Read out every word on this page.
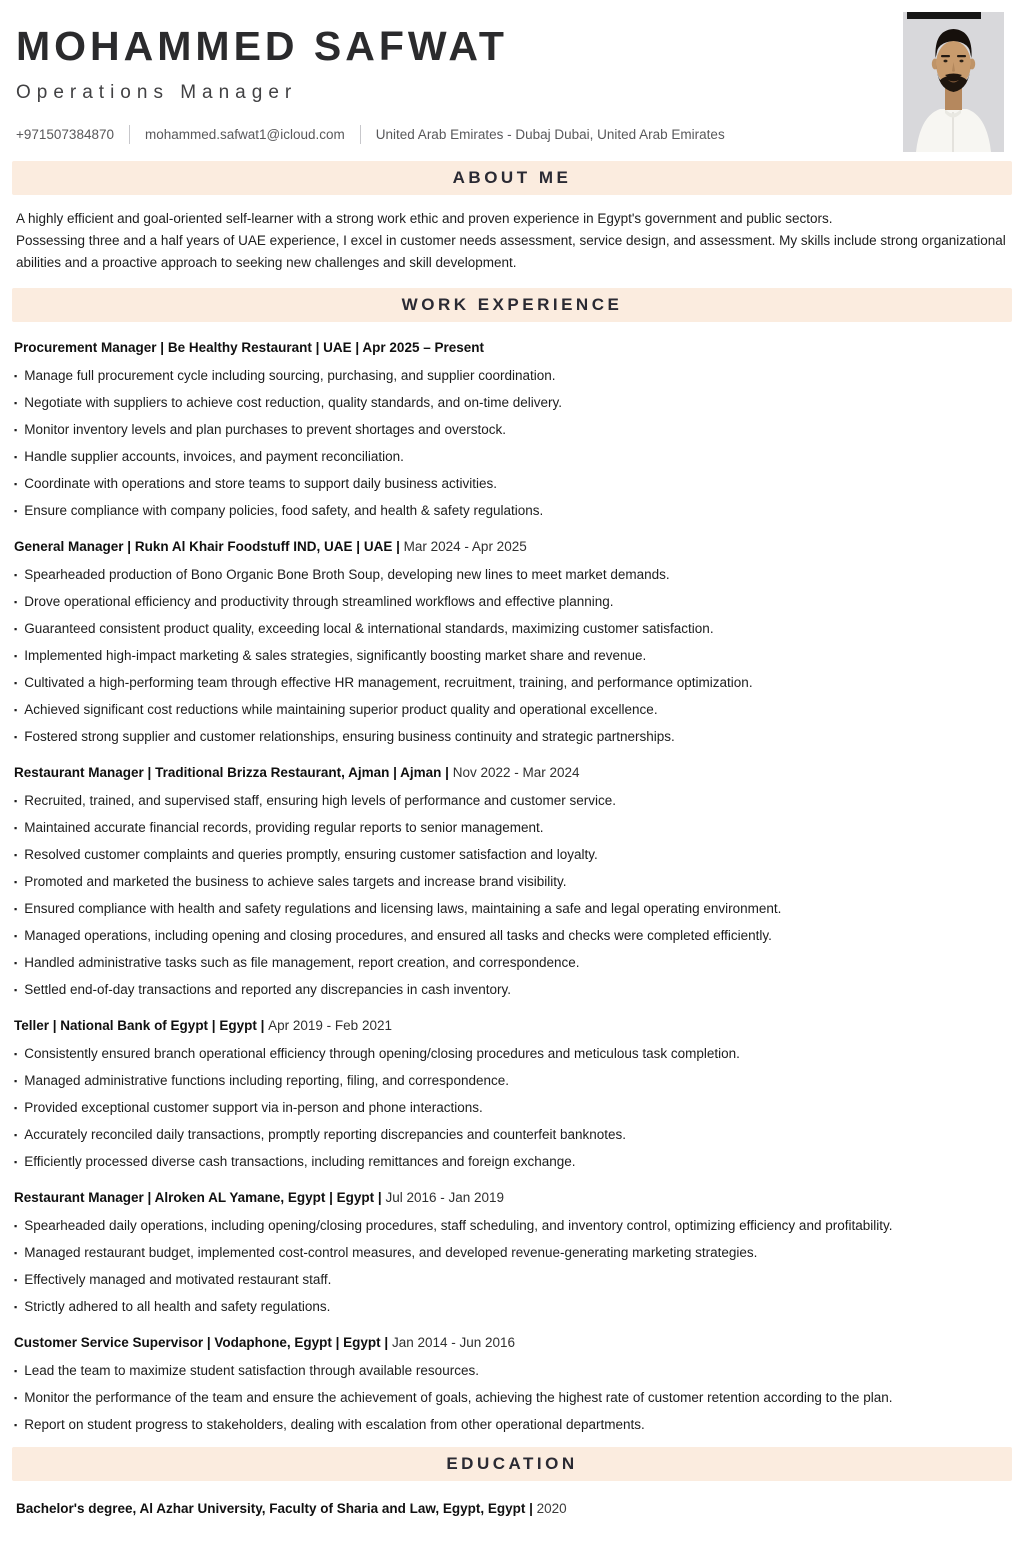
MOHAMMED SAFWAT
Operations Manager
+971507384870 mohammed.safwat1@icloud.com United Arab Emirates - Dubaj Dubai, United Arab Emirates
ABOUT ME

A highly efficient and goal-oriented self-learner with a strong work ethic and proven experience in Egypt's government and public sectors.

Possessing three and a half years of UAE experience, I excel in customer needs assessment, service design, and assessment. My skills include strong organizational abilities and a proactive approach to seeking new challenges and skill development.

WORK EXPERIENCE
Procurement Manager | Be Healthy Restaurant | UAE | Apr 2025 – Present
▪ Manage full procurement cycle including sourcing, purchasing, and supplier coordination.
▪ Negotiate with suppliers to achieve cost reduction, quality standards, and on-time delivery.
▪ Monitor inventory levels and plan purchases to prevent shortages and overstock.
▪ Handle supplier accounts, invoices, and payment reconciliation.
▪ Coordinate with operations and store teams to support daily business activities.
▪ Ensure compliance with company policies, food safety, and health & safety regulations.
General Manager | Rukn Al Khair Foodstuff IND, UAE | UAE | Mar 2024 - Apr 2025
▪ Spearheaded production of Bono Organic Bone Broth Soup, developing new lines to meet market demands.
▪ Drove operational efficiency and productivity through streamlined workflows and effective planning.
▪ Guaranteed consistent product quality, exceeding local & international standards, maximizing customer satisfaction.
▪ Implemented high-impact marketing & sales strategies, significantly boosting market share and revenue.
▪ Cultivated a high-performing team through effective HR management, recruitment, training, and performance optimization.
▪ Achieved significant cost reductions while maintaining superior product quality and operational excellence.
▪ Fostered strong supplier and customer relationships, ensuring business continuity and strategic partnerships.
Restaurant Manager | Traditional Brizza Restaurant, Ajman | Ajman | Nov 2022 - Mar 2024
▪ Recruited, trained, and supervised staff, ensuring high levels of performance and customer service.
▪ Maintained accurate financial records, providing regular reports to senior management.
▪ Resolved customer complaints and queries promptly, ensuring customer satisfaction and loyalty.
▪ Promoted and marketed the business to achieve sales targets and increase brand visibility.
▪ Ensured compliance with health and safety regulations and licensing laws, maintaining a safe and legal operating environment.
▪ Managed operations, including opening and closing procedures, and ensured all tasks and checks were completed efficiently.
▪ Handled administrative tasks such as file management, report creation, and correspondence.
▪ Settled end-of-day transactions and reported any discrepancies in cash inventory.
Teller | National Bank of Egypt | Egypt | Apr 2019 - Feb 2021
▪ Consistently ensured branch operational efficiency through opening/closing procedures and meticulous task completion.
▪ Managed administrative functions including reporting, filing, and correspondence.
▪ Provided exceptional customer support via in-person and phone interactions.
▪ Accurately reconciled daily transactions, promptly reporting discrepancies and counterfeit banknotes.
▪ Efficiently processed diverse cash transactions, including remittances and foreign exchange.
Restaurant Manager | Alroken AL Yamane, Egypt | Egypt | Jul 2016 - Jan 2019
▪ Spearheaded daily operations, including opening/closing procedures, staff scheduling, and inventory control, optimizing efficiency and profitability.
▪ Managed restaurant budget, implemented cost-control measures, and developed revenue-generating marketing strategies.
▪ Effectively managed and motivated restaurant staff.
▪ Strictly adhered to all health and safety regulations.
Customer Service Supervisor | Vodaphone, Egypt | Egypt | Jan 2014 - Jun 2016
▪ Lead the team to maximize student satisfaction through available resources.
▪ Monitor the performance of the team and ensure the achievement of goals, achieving the highest rate of customer retention according to the plan.
▪ Report on student progress to stakeholders, dealing with escalation from other operational departments.
EDUCATION
Bachelor's degree, Al Azhar University, Faculty of Sharia and Law, Egypt, Egypt | 2020
